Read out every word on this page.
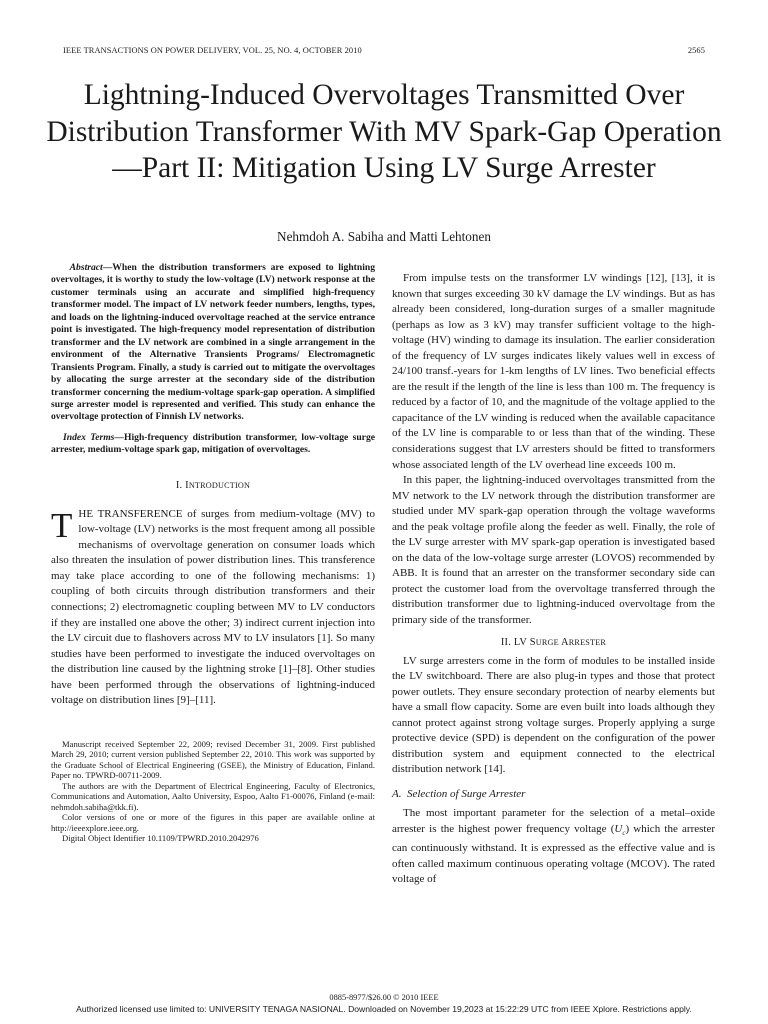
IEEE TRANSACTIONS ON POWER DELIVERY, VOL. 25, NO. 4, OCTOBER 2010	2565
Lightning-Induced Overvoltages Transmitted Over Distribution Transformer With MV Spark-Gap Operation—Part II: Mitigation Using LV Surge Arrester
Nehmdoh A. Sabiha and Matti Lehtonen

Abstract—When the distribution transformers are exposed to lightning overvoltages, it is worthy to study the low-voltage (LV) network response at the customer terminals using an accurate and simplified high-frequency transformer model. The impact of LV network feeder numbers, lengths, types, and loads on the lightning-induced overvoltage reached at the service entrance point is investigated. The high-frequency model representation of distribution transformer and the LV network are combined in a single arrangement in the environment of the Alternative Transients Programs/ Electromagnetic Transients Program. Finally, a study is carried out to mitigate the overvoltages by allocating the surge arrester at the secondary side of the distribution transformer concerning the medium-voltage spark-gap operation. A simplified surge arrester model is represented and verified. This study can enhance the overvoltage protection of Finnish LV networks.

Index Terms—High-frequency distribution transformer, low-voltage surge arrester, medium-voltage spark gap, mitigation of overvoltages.

I. INTRODUCTION

THE TRANSFERENCE of surges from medium-voltage (MV) to low-voltage (LV) networks is the most frequent among all possible mechanisms of overvoltage generation on consumer loads which also threaten the insulation of power distribution lines. This transference may take place according to one of the following mechanisms: 1) coupling of both circuits through distribution transformers and their connections; 2) electromagnetic coupling between MV to LV conductors if they are installed one above the other; 3) indirect current injection into the LV circuit due to flashovers across MV to LV insulators [1]. So many studies have been performed to investigate the induced overvoltages on the distribution line caused by the lightning stroke [1]–[8]. Other studies have been performed through the observations of lightning-induced voltage on distribution lines [9]–[11].

Manuscript received September 22, 2009; revised December 31, 2009. First published March 29, 2010; current version published September 22, 2010. This work was supported by the Graduate School of Electrical Engineering (GSEE), the Ministry of Education, Finland. Paper no. TPWRD-00711-2009.

The authors are with the Department of Electrical Engineering, Faculty of Electronics, Communications and Automation, Aalto University, Espoo, Aalto F1-00076, Finland (e-mail: nehmdoh.sabiha@tkk.fi).

Color versions of one or more of the figures in this paper are available online at http://ieeexplore.ieee.org.

Digital Object Identifier 10.1109/TPWRD.2010.2042976

From impulse tests on the transformer LV windings [12], [13], it is known that surges exceeding 30 kV damage the LV windings. But as has already been considered, long-duration surges of a smaller magnitude (perhaps as low as 3 kV) may transfer sufficient voltage to the high-voltage (HV) winding to damage its insulation. The earlier consideration of the frequency of LV surges indicates likely values well in excess of 24/100 transf.-years for 1-km lengths of LV lines. Two beneficial effects are the result if the length of the line is less than 100 m. The frequency is reduced by a factor of 10, and the magnitude of the voltage applied to the capacitance of the LV winding is reduced when the available capacitance of the LV line is comparable to or less than that of the winding. These considerations suggest that LV arresters should be fitted to transformers whose associated length of the LV overhead line exceeds 100 m.

In this paper, the lightning-induced overvoltages transmitted from the MV network to the LV network through the distribution transformer are studied under MV spark-gap operation through the voltage waveforms and the peak voltage profile along the feeder as well. Finally, the role of the LV surge arrester with MV spark-gap operation is investigated based on the data of the low-voltage surge arrester (LOVOS) recommended by ABB. It is found that an arrester on the transformer secondary side can protect the customer load from the overvoltage transferred through the distribution transformer due to lightning-induced overvoltage from the primary side of the transformer.

II. LV SURGE ARRESTER

LV surge arresters come in the form of modules to be installed inside the LV switchboard. There are also plug-in types and those that protect power outlets. They ensure secondary protection of nearby elements but have a small flow capacity. Some are even built into loads although they cannot protect against strong voltage surges. Properly applying a surge protective device (SPD) is dependent on the configuration of the power distribution system and equipment connected to the electrical distribution network [14].

A. Selection of Surge Arrester

The most important parameter for the selection of a metal–oxide arrester is the highest power frequency voltage $(U_c)$ which the arrester can continuously withstand. It is expressed as the effective value and is often called maximum continuous operating voltage (MCOV). The rated voltage of

0885-8977/$26.00 © 2010 IEEE
Authorized licensed use limited to: UNIVERSITY TENAGA NASIONAL. Downloaded on November 19,2023 at 15:22:29 UTC from IEEE Xplore. Restrictions apply.
